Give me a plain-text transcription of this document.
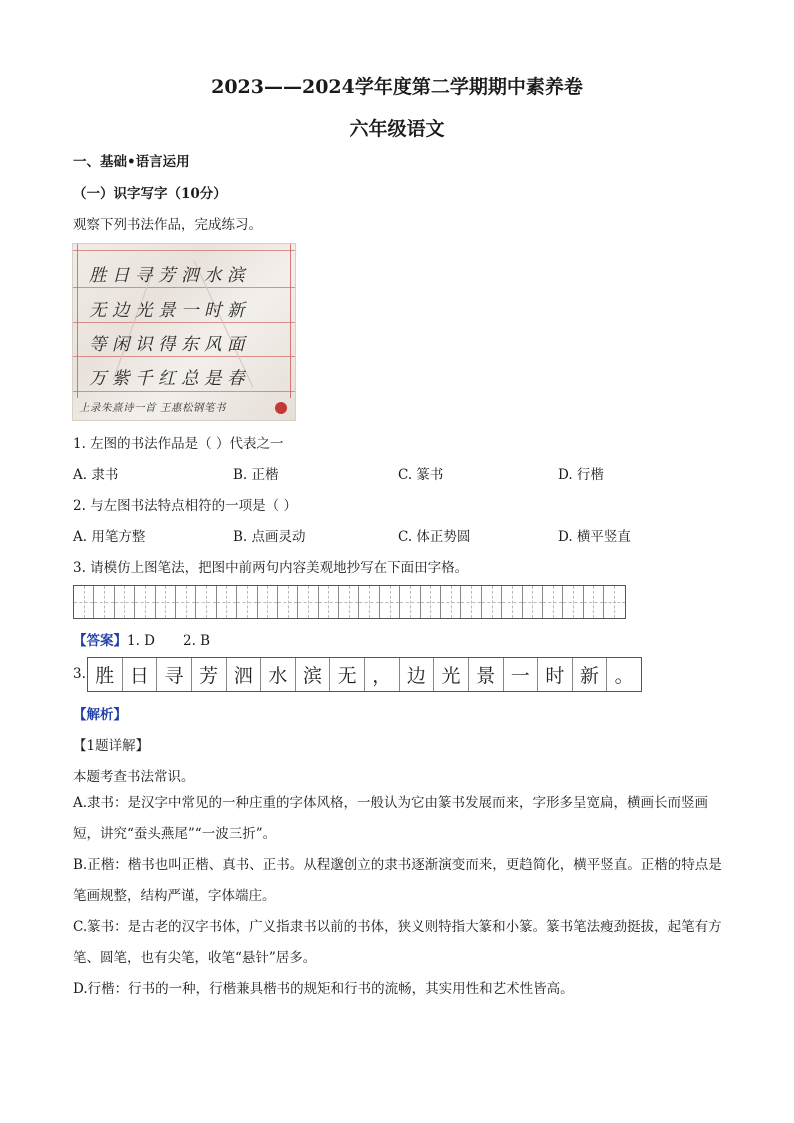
2023——2024学年度第二学期期中素养卷
六年级语文
一、基础•语言运用
（一）识字写字（10分）
观察下列书法作品，完成练习。
胜日寻芳泗水滨
无边光景一时新
等闲识得东风面
万紫千红总是春
上录朱熹诗一首 王惠松钢笔书
1. 左图的书法作品是（ ）代表之一
A. 隶书	B. 正楷	C. 篆书	D. 行楷
2. 与左图书法特点相符的一项是（ ）
A. 用笔方整	B. 点画灵动	C. 体正势圆	D. 横平竖直
3. 请模仿上图笔法，把图中前两句内容美观地抄写在下面田字格。
【答案】1. D 2. B
3. 胜 日 寻 芳 泗 水 滨 无 ， 边 光 景 一 时 新 。
【解析】
【1题详解】
本题考查书法常识。
A.隶书：是汉字中常见的一种庄重的字体风格，一般认为它由篆书发展而来，字形多呈宽扁，横画长而竖画短，讲究“蚕头燕尾”“一波三折”。
B.正楷：楷书也叫正楷、真书、正书。从程邈创立的隶书逐渐演变而来，更趋简化，横平竖直。正楷的特点是笔画规整，结构严谨，字体端庄。
C.篆书：是古老的汉字书体，广义指隶书以前的书体，狭义则特指大篆和小篆。篆书笔法瘦劲挺拔，起笔有方笔、圆笔，也有尖笔，收笔“悬针”居多。
D.行楷：行书的一种，行楷兼具楷书的规矩和行书的流畅，其实用性和艺术性皆高。
